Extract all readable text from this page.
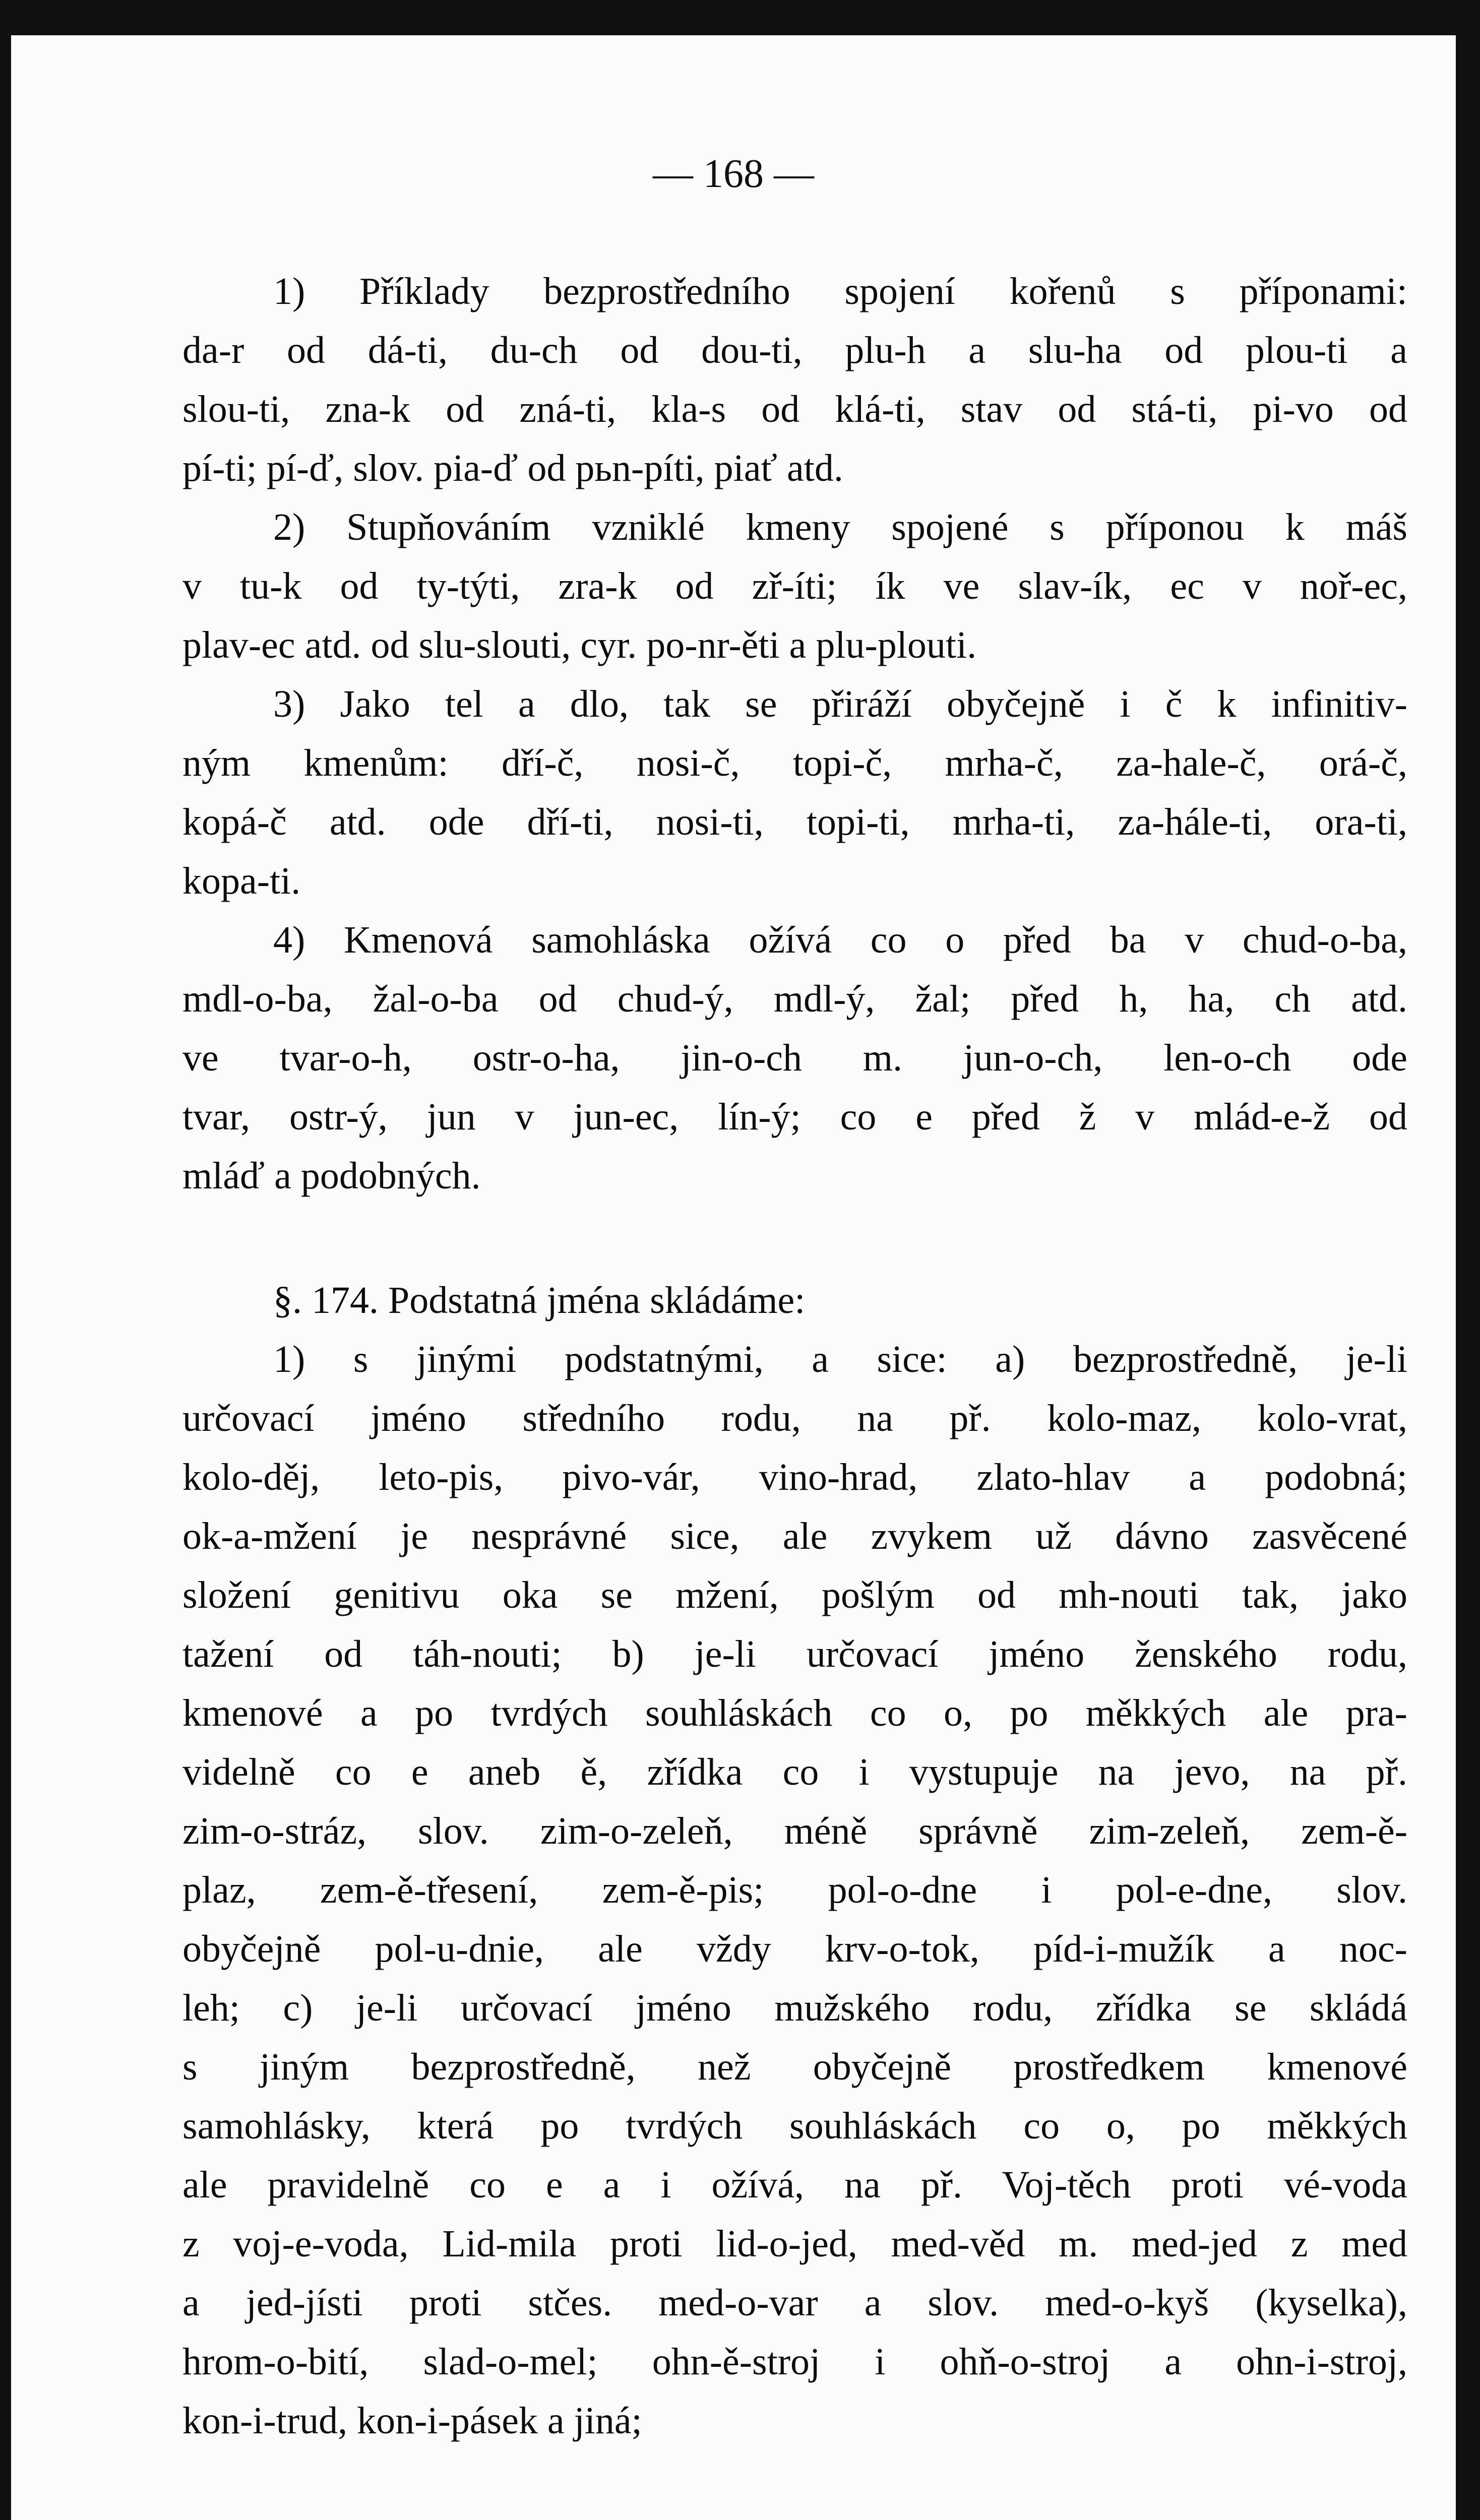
— 168 —
1) Příklady bezprostředního spojení kořenů s příponami:
da-r od dá-ti, du-ch od dou-ti, plu-h a slu-ha od plou-ti a
slou-ti, zna-k od zná-ti, kla-s od klá-ti, stav od stá-ti, pi-vo od
pí-ti; pí-ď, slov. pia-ď od pьn-píti, piať atd.
2) Stupňováním vzniklé kmeny spojené s příponou k máš
v tu-k od ty-týti, zra-k od zř-íti; ík ve slav-ík, ec v noř-ec,
plav-ec atd. od slu-slouti, cyr. po-nr-ěti a plu-plouti.
3) Jako tel a dlo, tak se přiráží obyčejně i č k infinitiv-
ným kmenům: dří-č, nosi-č, topi-č, mrha-č, za-hale-č, orá-č,
kopá-č atd. ode dří-ti, nosi-ti, topi-ti, mrha-ti, za-hále-ti, ora-ti,
kopa-ti.
4) Kmenová samohláska ožívá co o před ba v chud-o-ba,
mdl-o-ba, žal-o-ba od chud-ý, mdl-ý, žal; před h, ha, ch atd.
ve tvar-o-h, ostr-o-ha, jin-o-ch m. jun-o-ch, len-o-ch ode
tvar, ostr-ý, jun v jun-ec, lín-ý; co e před ž v mlád-e-ž od
mláď a podobných.
§. 174. Podstatná jména skládáme:
1) s jinými podstatnými, a sice: a) bezprostředně, je-li
určovací jméno středního rodu, na př. kolo-maz, kolo-vrat,
kolo-děj, leto-pis, pivo-vár, vino-hrad, zlato-hlav a podobná;
ok-a-mžení je nesprávné sice, ale zvykem už dávno zasvěcené
složení genitivu oka se mžení, pošlým od mh-nouti tak, jako
tažení od táh-nouti; b) je-li určovací jméno ženského rodu,
kmenové a po tvrdých souhláskách co o, po měkkých ale pra-
videlně co e aneb ě, zřídka co i vystupuje na jevo, na př.
zim-o-stráz, slov. zim-o-zeleň, méně správně zim-zeleň, zem-ě-
plaz, zem-ě-třesení, zem-ě-pis; pol-o-dne i pol-e-dne, slov.
obyčejně pol-u-dnie, ale vždy krv-o-tok, píd-i-mužík a noc-
leh; c) je-li určovací jméno mužského rodu, zřídka se skládá
s jiným bezprostředně, než obyčejně prostředkem kmenové
samohlásky, která po tvrdých souhláskách co o, po měkkých
ale pravidelně co e a i ožívá, na př. Voj-těch proti vé-voda
z voj-e-voda, Lid-mila proti lid-o-jed, med-věd m. med-jed z med
a jed-jísti proti stčes. med-o-var a slov. med-o-kyš (kyselka),
hrom-o-bití, slad-o-mel; ohn-ě-stroj i ohň-o-stroj a ohn-i-stroj,
kon-i-trud, kon-i-pásek a jiná;
